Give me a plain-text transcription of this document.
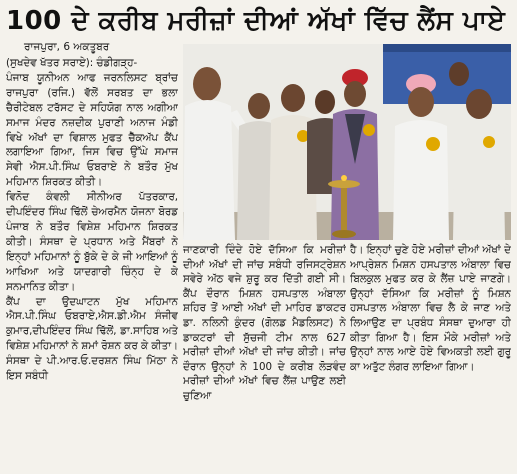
100 ਦੇ ਕਰੀਬ ਮਰੀਜ਼ਾਂ ਦੀਆਂ ਅੱਖਾਂ ਵਿੱਚ ਲੈਂਸ ਪਾਏ

ਰਾਜਪੁਰਾ, 6 ਅਕਤੂਬਰ

(ਸੁਖਦੇਵ ਖੱਤਰ ਸਰਾਏ): ਚੰਡੀਗੜ੍ਹ-
ਪੰਜਾਬ ਯੂਨੀਅਨ ਆਫ ਜਰਨਲਿਸਟ ਬ੍ਰਾਂਚ ਰਾਜਪੁਰਾ (ਰਜਿ.) ਵੱਲੋਂ ਸਰਬਤ ਦਾ ਭਲਾ ਚੈਰੀਟੇਬਲ ਟਰੱਸਟ ਦੇ ਸਹਿਯੋਗ ਨਾਲ ਅਗੀਆ ਸਮਾਜ ਮੰਦਰ ਨਜ਼ਦੀਕ ਪੁਰਾਣੀ ਅਨਾਜ ਮੰਡੀ ਵਿਖੇ ਅੱਖਾਂ ਦਾ ਵਿਸ਼ਾਲ ਮੁਫਤ ਚੈੱਕਅੱਪ ਕੈਂਪ ਲਗਾਇਆ ਗਿਆ, ਜਿਸ ਵਿਚ ਉੱਘੇ ਸਮਾਜ ਸੇਵੀ ਐਸ.ਪੀ.ਸਿੰਘ ਓਬਰਾਏ ਨੇ ਬਤੌਰ ਮੁੱਖ ਮਹਿਮਾਨ ਸ਼ਿਰਕਤ ਕੀਤੀ।
ਵਿਨੋਦ ਕੰਵਲੀ ਸੀਨੀਅਰ ਪੱਤਰਕਾਰ, ਦੀਪਇੰਦਰ ਸਿੰਘ ਢਿੱਲੋਂ ਚੇਅਰਮੈਨ ਯੋਜਨਾ ਬੋਰਡ ਪੰਜਾਬ ਨੇ ਬਤੌਰ ਵਿਸ਼ੇਸ਼ ਮਹਿਮਾਨ ਸ਼ਿਰਕਤ ਕੀਤੀ। ਸੰਸਥਾ ਦੇ ਪ੍ਰਧਾਨ ਅਤੇ ਮੈਂਬਰਾਂ ਨੇ ਇਨ੍ਹਾਂ ਮਹਿਮਾਨਾਂ ਨੂੰ ਬੁੱਕੇ ਦੇ ਕੇ ਜੀ ਆਇਆਂ ਨੂੰ ਆਖਿਆ ਅਤੇ ਯਾਦਗਾਰੀ ਚਿੰਨ੍ਹ ਦੇ ਕੇ ਸਨਮਾਨਿਤ ਕੀਤਾ।
ਕੈਂਪ ਦਾ ਉਦਘਾਟਨ ਮੁੱਖ ਮਹਿਮਾਨ ਐਸ.ਪੀ.ਸਿੰਘ ਓਬਰਾਏ,ਐਸ.ਡੀ.ਐਮ ਸੰਜੀਵ ਕੁਮਾਰ,ਦੀਪਇੰਦਰ ਸਿੰਘ ਢਿੱਲੋਂ, ਡਾ.ਸਾਹਿਬ ਅਤੇ ਵਿਸ਼ੇਸ਼ ਮਹਿਮਾਨਾਂ ਨੇ ਸ਼ਮਾਂ ਰੋਸ਼ਨ ਕਰ ਕੇ ਕੀਤਾ। ਸੰਸਥਾ ਦੇ ਪੀ.ਆਰ.ਓ.ਦਰਸ਼ਨ ਸਿੰਘ ਮਿੱਠਾ ਨੇ ਇਸ ਸਬੰਧੀ

ਜਾਣਕਾਰੀ ਦਿੰਦੇ ਹੋਏ ਦੱਸਿਆ ਕਿ ਮਰੀਜ਼ਾਂ ਦੀਆਂ ਅੱਖਾਂ ਦੀ ਜਾਂਚ ਸਬੰਧੀ ਰਜਿਸਟ੍ਰੇਸ਼ਨ ਸਵੇਰੇ ਅੱਠ ਵਜੇ ਸ਼ੁਰੂ ਕਰ ਦਿੱਤੀ ਗਈ ਸੀ। ਕੈਂਪ ਦੌਰਾਨ ਮਿਸ਼ਨ ਹਸਪਤਾਲ ਅੰਬਾਲਾ ਸ਼ਹਿਰ ਤੋਂ ਆਈ ਅੱਖਾਂ ਦੀ ਮਾਹਿਰ ਡਾਕਟਰ ਡਾ. ਨਲਿਨੀ ਕੁੰਦਰ (ਗੋਲਡ ਮੈਡਲਿਸਟ) ਨੇ ਡਾਕਟਰਾਂ ਦੀ ਸੁੱਚਜੀ ਟੀਮ ਨਾਲ 627 ਮਰੀਜ਼ਾਂ ਦੀਆਂ ਅੱਖਾਂ ਦੀ ਜਾਂਚ ਕੀਤੀ। ਜਾਂਚ ਦੌਰਾਨ ਉਨ੍ਹਾਂ ਨੇ 100 ਦੇ ਕਰੀਬ ਲੋੜਵੰਦ ਮਰੀਜ਼ਾਂ ਦੀਆਂ ਅੱਖਾਂ ਵਿਚ ਲੈਂਜ਼ ਪਾਉਣ ਲਈ ਚੁਣਿਆ

ਹੈ। ਇਨ੍ਹਾਂ ਚੁਣੇ ਹੋਏ ਮਰੀਜ਼ਾਂ ਦੀਆਂ ਅੱਖਾਂ ਦੇ ਆਪ੍ਰੇਸ਼ਨ ਮਿਸ਼ਨ ਹਸਪਤਾਲ ਅੰਬਾਲਾ ਵਿਚ ਬਿਲਕੁਲ ਮੁਫਤ ਕਰ ਕੇ ਲੈਂਜ਼ ਪਾਏ ਜਾਣਗੇ। ਉਨ੍ਹਾਂ ਦੱਸਿਆ ਕਿ ਮਰੀਜ਼ਾਂ ਨੂੰ ਮਿਸ਼ਨ ਹਸਪਤਾਲ ਅੰਬਾਲਾ ਵਿਚ ਲੈ ਕੇ ਜਾਣ ਅਤੇ ਲਿਆਉਣ ਦਾ ਪ੍ਰਬੰਧ ਸੰਸਥਾ ਦੁਆਰਾ ਹੀ ਕੀਤਾ ਗਿਆ ਹੈ। ਇਸ ਮੌਕੇ ਮਰੀਜ਼ਾਂ ਅਤੇ ਉਨ੍ਹਾਂ ਨਾਲ ਆਏ ਹੋਏ ਵਿਅਕਤੀ ਲਈ ਗੁਰੂ ਕਾ ਅਤੁੱਟ ਲੰਗਰ ਲਾਇਆ ਗਿਆ।
